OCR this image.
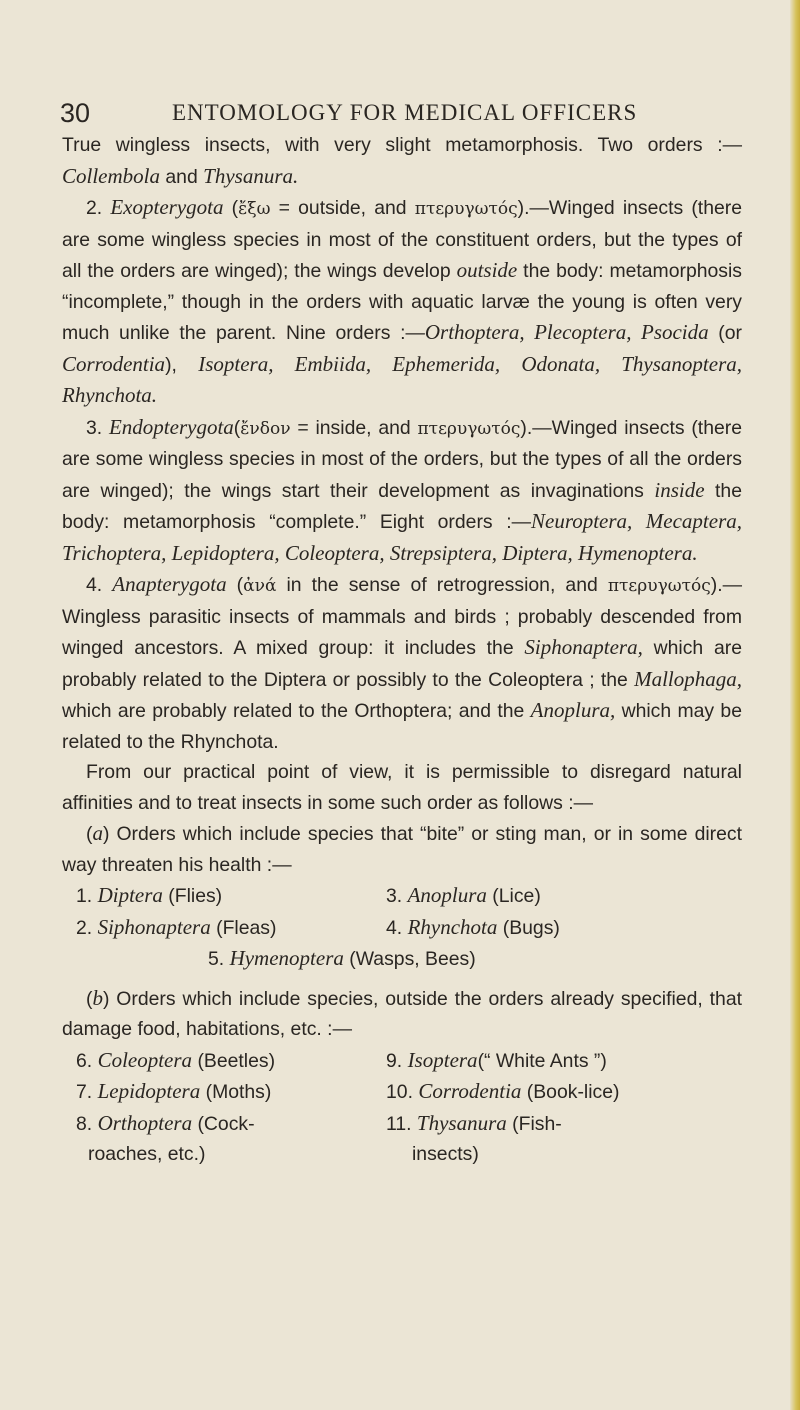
30	ENTOMOLOGY FOR MEDICAL OFFICERS

True wingless insects, with very slight metamorphosis. Two orders :—Collembola and Thysanura.

2. Exopterygota (ἔξω = outside, and πτερυγωτός).—Winged insects (there are some wingless species in most of the constituent orders, but the types of all the orders are winged); the wings develop outside the body: metamorphosis “incomplete,” though in the orders with aquatic larvæ the young is often very much unlike the parent. Nine orders :—Orthoptera, Plecoptera, Psocida (or Corrodentia), Isoptera, Embiida, Ephemerida, Odonata, Thysanoptera, Rhynchota.

3. Endopterygota(ἔνδον = inside, and πτερυγωτός).—Winged insects (there are some wingless species in most of the orders, but the types of all the orders are winged); the wings start their development as invaginations inside the body: metamorphosis “complete.” Eight orders :—Neuroptera, Mecaptera, Trichoptera, Lepidoptera, Coleoptera, Strepsiptera, Diptera, Hymenoptera.

4. Anapterygota (ἀνά in the sense of retrogression, and πτερυγωτός).—Wingless parasitic insects of mammals and birds ; probably descended from winged ancestors. A mixed group: it includes the Siphonaptera, which are probably related to the Diptera or possibly to the Coleoptera ; the Mallophaga, which are probably related to the Orthoptera; and the Anoplura, which may be related to the Rhynchota.

From our practical point of view, it is permissible to disregard natural affinities and to treat insects in some such order as follows :—

(a) Orders which include species that “bite” or sting man, or in some direct way threaten his health :—

1. Diptera (Flies)	3. Anoplura (Lice)
2. Siphonaptera (Fleas)	4. Rhynchota (Bugs)
5. Hymenoptera (Wasps, Bees)

(b) Orders which include species, outside the orders already specified, that damage food, habitations, etc. :—

6. Coleoptera (Beetles)	9. Isoptera(“ White Ants ”)
7. Lepidoptera (Moths)	10. Corrodentia (Book-lice)
8. Orthoptera (Cock-	11. Thysanura (Fish-
roaches, etc.)	insects)
